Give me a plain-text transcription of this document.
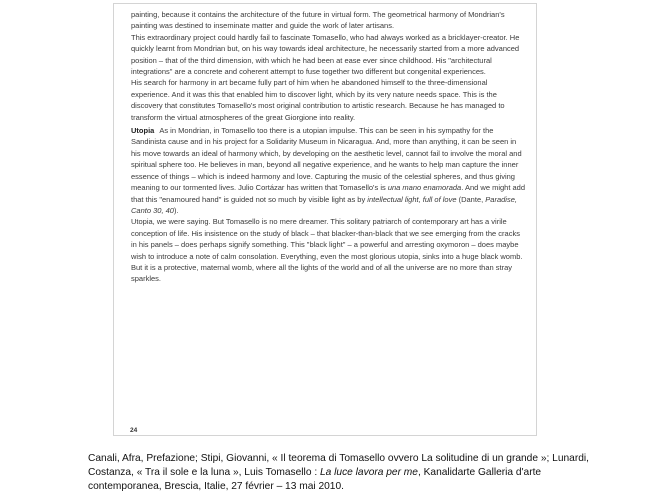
painting, because it contains the architecture of the future in virtual form. The geometrical harmony of Mondrian's painting was destined to inseminate matter and guide the work of later artisans.

This extraordinary project could hardly fail to fascinate Tomasello, who had always worked as a bricklayer-creator. He quickly learnt from Mondrian but, on his way towards ideal architecture, he necessarily started from a more advanced position – that of the third dimension, with which he had been at ease ever since childhood. His "architectural integrations" are a concrete and coherent attempt to fuse together two different but congenital experiences.

His search for harmony in art became fully part of him when he abandoned himself to the three-dimensional experience. And it was this that enabled him to discover light, which by its very nature needs space. This is the discovery that constitutes Tomasello's most original contribution to artistic research. Because he has managed to transform the virtual atmospheres of the great Giorgione into reality.

Utopia As in Mondrian, in Tomasello too there is a utopian impulse. This can be seen in his sympathy for the Sandinista cause and in his project for a Solidarity Museum in Nicaragua. And, more than anything, it can be seen in his move towards an ideal of harmony which, by developing on the aesthetic level, cannot fail to involve the moral and spiritual sphere too. He believes in man, beyond all negative experience, and he wants to help man capture the inner essence of things – which is indeed harmony and love. Capturing the music of the celestial spheres, and thus giving meaning to our tormented lives. Julio Cortázar has written that Tomasello's is una mano enamorada. And we might add that this "enamoured hand" is guided not so much by visible light as by intellectual light, full of love (Dante, Paradise, Canto 30, 40).

Utopia, we were saying. But Tomasello is no mere dreamer. This solitary patriarch of contemporary art has a virile conception of life. His insistence on the study of black – that blacker-than-black that we see emerging from the cracks in his panels – does perhaps signify something. This "black light" – a powerful and arresting oxymoron – does maybe wish to introduce a note of calm consolation. Everything, even the most glorious utopia, sinks into a huge black womb. But it is a protective, maternal womb, where all the lights of the world and of all the universe are no more than stray sparkles.

24

Canali, Afra, Prefazione; Stipi, Giovanni, « Il teorema di Tomasello ovvero La solitudine di un grande »; Lunardi, Costanza, « Tra il sole e la luna », Luis Tomasello : La luce lavora per me, Kanalidarte Galleria d'arte contemporanea, Brescia, Italie, 27 février – 13 mai 2010.
